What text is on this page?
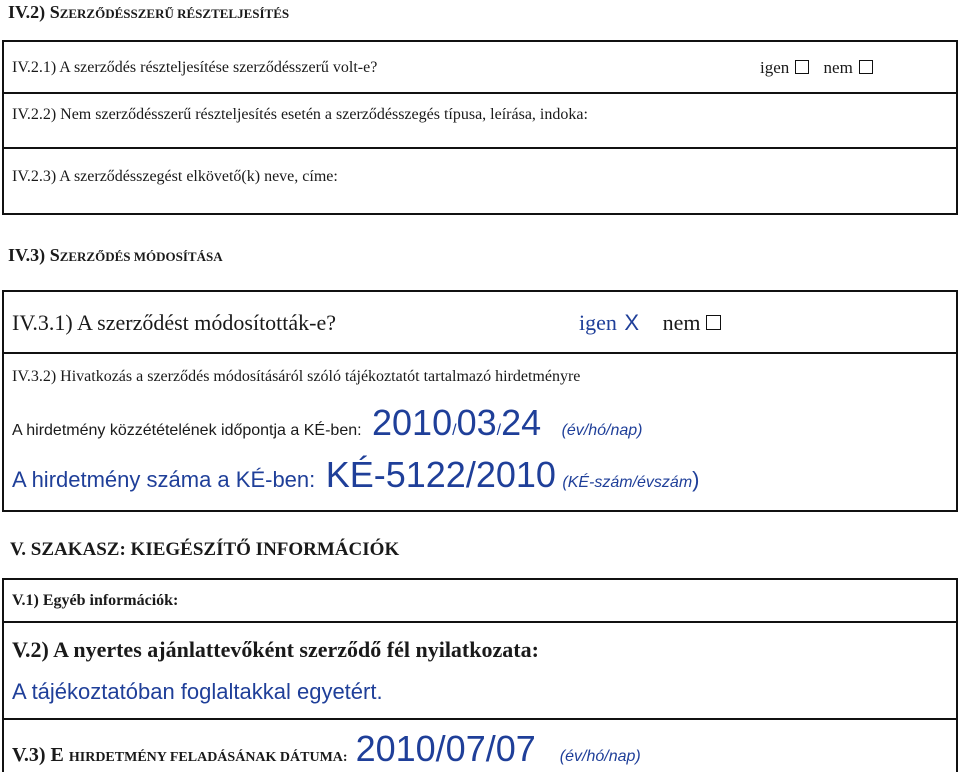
IV.2) SZERZŐDÉSSZERŰ RÉSZTELJESÍTÉS
IV.2.1) A szerződés részteljesítése szerződésszerű volt-e?	igen nem
IV.2.2) Nem szerződésszerű részteljesítés esetén a szerződésszegés típusa, leírása, indoka:
IV.2.3) A szerződésszegést elkövető(k) neve, címe:
IV.3) SZERZŐDÉS MÓDOSÍTÁSA
IV.3.1) A szerződést módosították-e?	igen X nem
IV.3.2) Hivatkozás a szerződés módosításáról szóló tájékoztatót tartalmazó hirdetményre
A hirdetmény közzétételének időpontja a KÉ-ben: 2010/03/24 (év/hó/nap)
A hirdetmény száma a KÉ-ben: KÉ-5122/2010 (KÉ-szám/évszám)
V. SZAKASZ: KIEGÉSZÍTŐ INFORMÁCIÓK
V.1) Egyéb információk:
V.2) A nyertes ajánlattevőként szerződő fél nyilatkozata:
A tájékoztatóban foglaltakkal egyetért.
V.3) E HIRDETMÉNY FELADÁSÁNAK DÁTUMA: 2010/07/07 (év/hó/nap)
